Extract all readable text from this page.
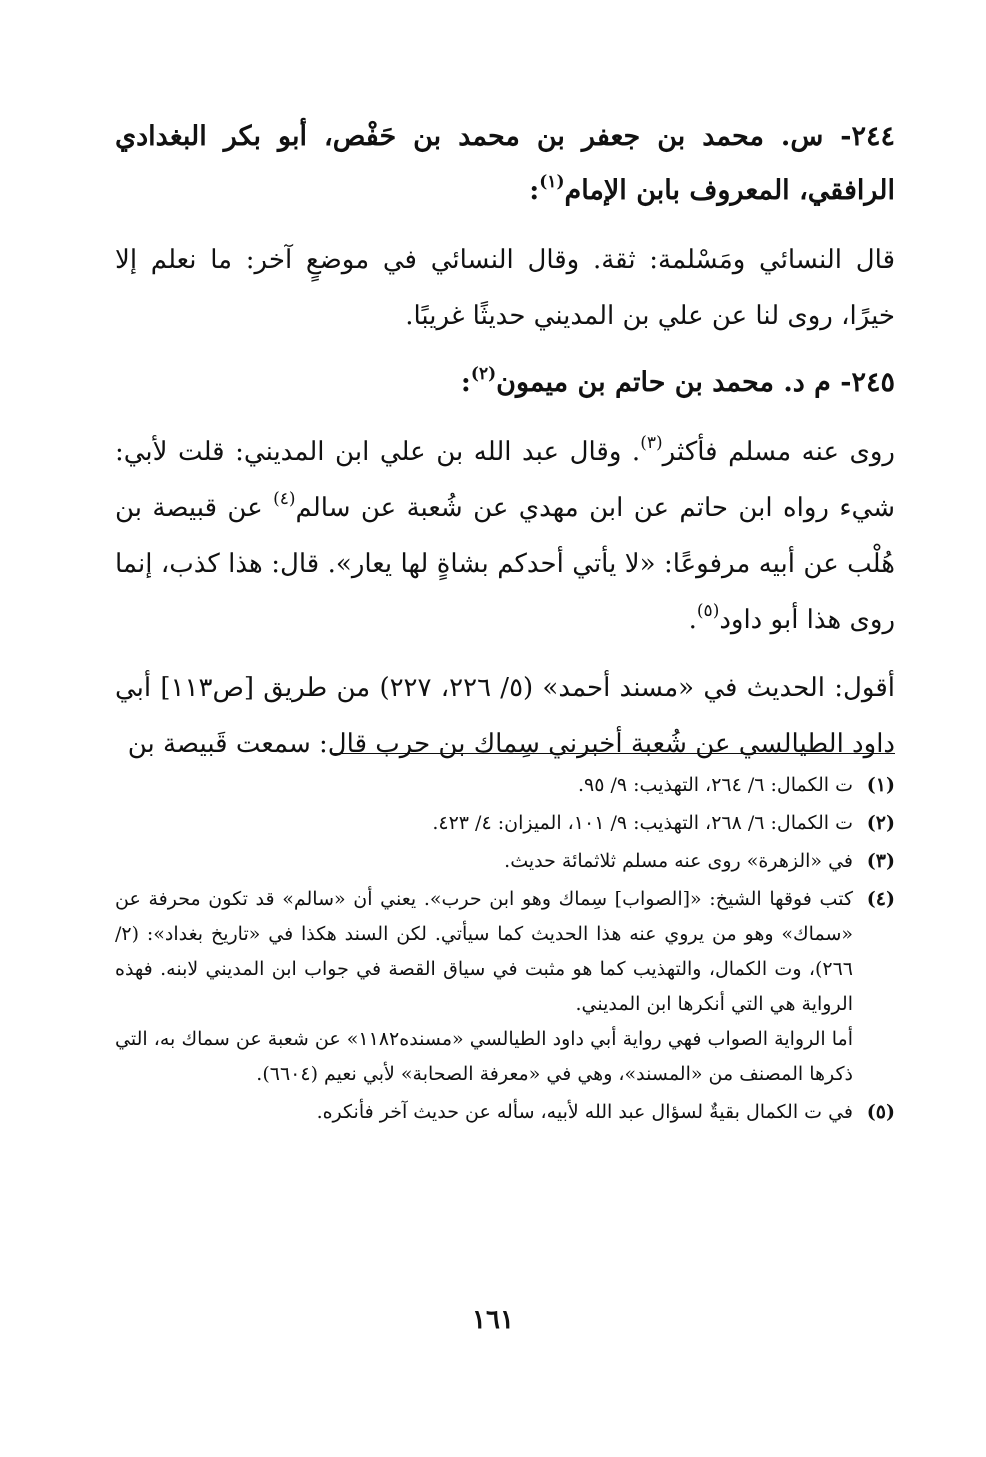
٢٤٤- س. محمد بن جعفر بن محمد بن حَفْص، أبو بكر البغدادي الرافقي، المعروف بابن الإمام$^{(١)}$:
قال النسائي ومَسْلمة: ثقة. وقال النسائي في موضعٍ آخر: ما نعلم إلا خيرًا، روى لنا عن علي بن المديني حديثًا غريبًا.
٢٤٥- م د. محمد بن حاتم بن ميمون$^{(٢)}$:
روى عنه مسلم فأكثر$^{(٣)}$. وقال عبد الله بن علي ابن المديني: قلت لأبي: شيء رواه ابن حاتم عن ابن مهدي عن شُعبة عن سالم$^{(٤)}$ عن قبيصة بن هُلْب عن أبيه مرفوعًا: «لا يأتي أحدكم بشاةٍ لها يعار». قال: هذا كذب، إنما روى هذا أبو داود$^{(٥)}$.
أقول: الحديث في «مسند أحمد» (٥/ ٢٢٦، ٢٢٧) من طريق [ص١١٣] أبي داود الطيالسي عن شُعبة أخبرني سِماك بن حرب قال: سمعت قَبيصة بن
(١)

ت الكمال: ٦/ ٢٦٤، التهذيب: ٩/ ٩٥.

(٢)

ت الكمال: ٦/ ٢٦٨، التهذيب: ٩/ ١٠١، الميزان: ٤/ ٤٢٣.

(٣)

في «الزهرة» روى عنه مسلم ثلاثمائة حديث.

(٤)

كتب فوقها الشيخ: «[الصواب] سِماك وهو ابن حرب». يعني أن «سالم» قد تكون محرفة عن «سماك» وهو من يروي عنه هذا الحديث كما سيأتي. لكن السند هكذا في «تاريخ بغداد»: (٢/ ٢٦٦)، وت الكمال، والتهذيب كما هو مثبت في سياق القصة في جواب ابن المديني لابنه. فهذه الرواية هي التي أنكرها ابن المديني.

أما الرواية الصواب فهي رواية أبي داود الطيالسي «مسنده١١٨٢» عن شعبة عن سماك به، التي ذكرها المصنف من «المسند»، وهي في «معرفة الصحابة» لأبي نعيم (٦٦٠٤).

(٥)

في ت الكمال بقيةٌ لسؤال عبد الله لأبيه، سأله عن حديث آخر فأنكره.

١٦١
